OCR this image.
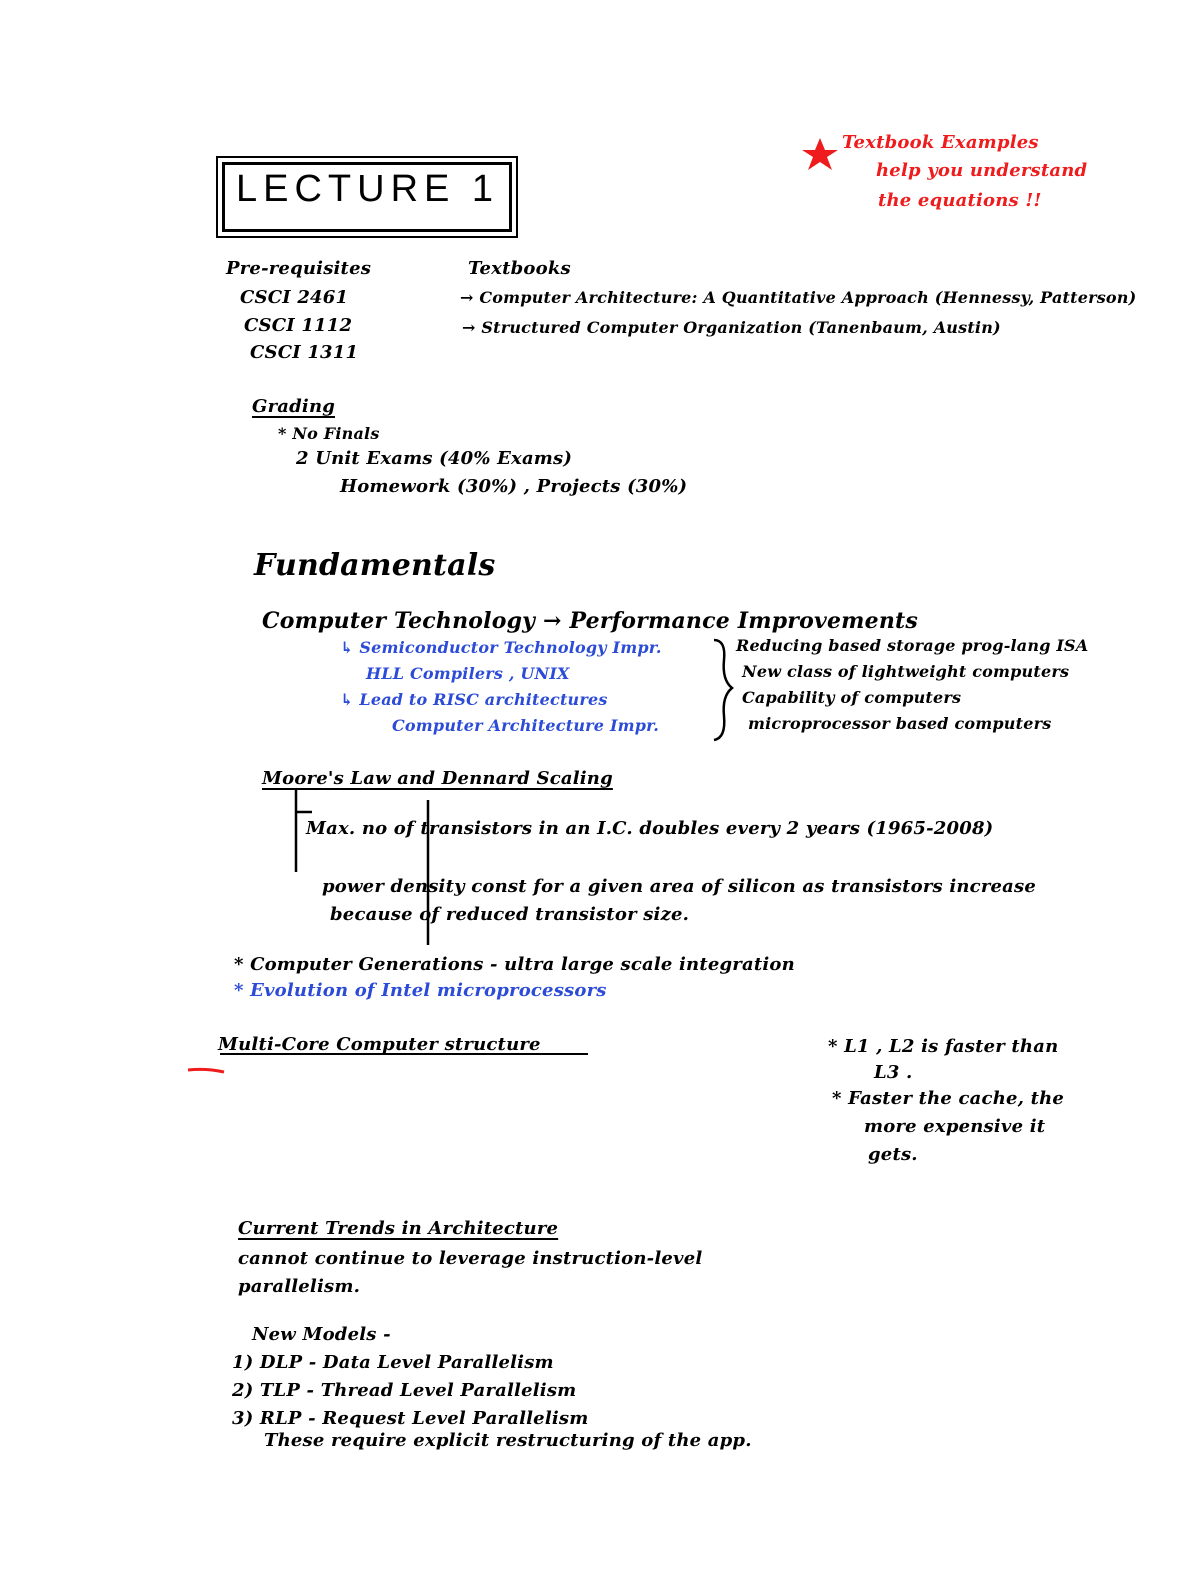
LECTURE 1
Textbook Examples
help you understand
the equations !!
Pre-requisites
CSCI 2461
CSCI 1112
CSCI 1311
Textbooks
→ Computer Architecture: A Quantitative Approach (Hennessy, Patterson)
→ Structured Computer Organization (Tanenbaum, Austin)
Grading
* No Finals
2 Unit Exams (40% Exams)
Homework (30%) , Projects (30%)
Fundamentals
Computer Technology → Performance Improvements
↳ Semiconductor Technology Impr.
HLL Compilers , UNIX
↳ Lead to RISC architectures
Computer Architecture Impr.
Reducing based storage prog-lang ISA
New class of lightweight computers
Capability of computers
microprocessor based computers
Moore's Law and Dennard Scaling
Max. no of transistors in an I.C. doubles every 2 years (1965-2008)
power density const for a given area of silicon as transistors increase
because of reduced transistor size.
* Computer Generations - ultra large scale integration
* Evolution of Intel microprocessors
Multi-Core Computer structure	* L1 , L2 is faster than
L3 .
* Faster the cache, the
more expensive it
gets.
Current Trends in Architecture
cannot continue to leverage instruction-level
parallelism.
New Models -
1) DLP - Data Level Parallelism
2) TLP - Thread Level Parallelism
3) RLP - Request Level Parallelism
These require explicit restructuring of the app.
